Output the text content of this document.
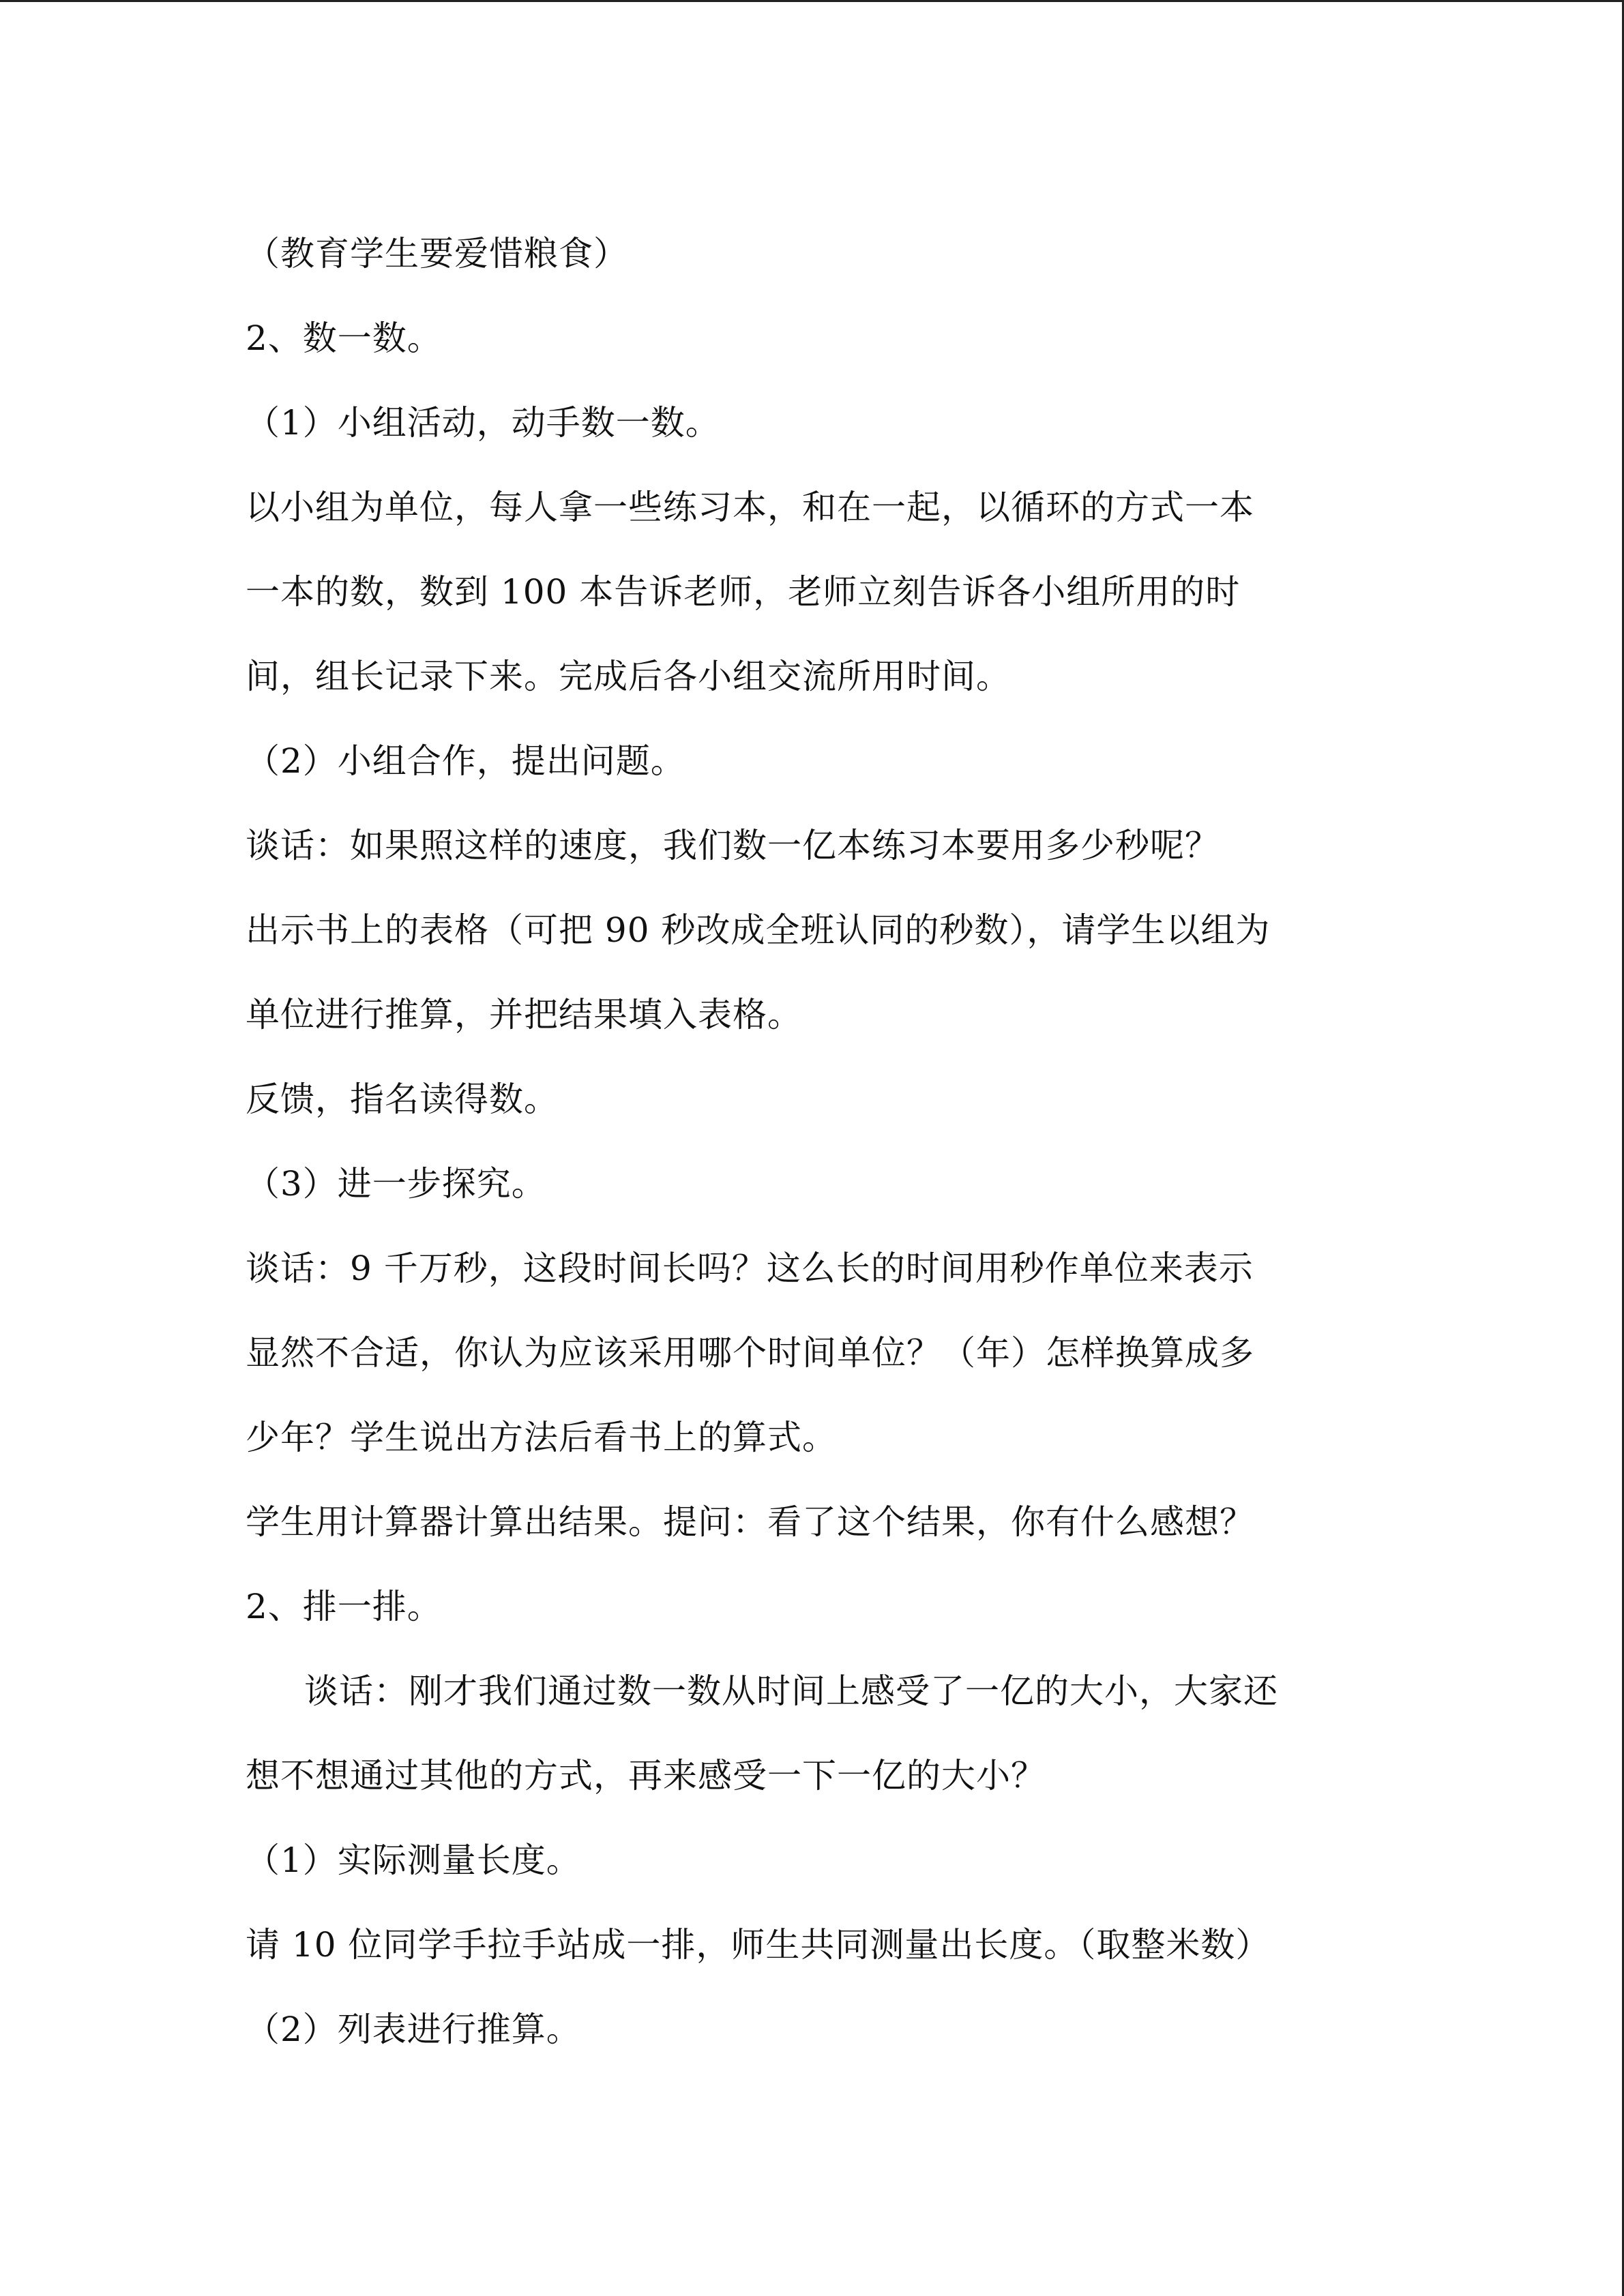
（教育学生要爱惜粮食）
2、数一数。
（1）小组活动，动手数一数。
以小组为单位，每人拿一些练习本，和在一起，以循环的方式一本
一本的数，数到 100 本告诉老师，老师立刻告诉各小组所用的时
间，组长记录下来。完成后各小组交流所用时间。
（2）小组合作，提出问题。
谈话：如果照这样的速度，我们数一亿本练习本要用多少秒呢？
出示书上的表格（可把 90 秒改成全班认同的秒数），请学生以组为
单位进行推算，并把结果填入表格。
反馈，指名读得数。
（3）进一步探究。
谈话：9 千万秒，这段时间长吗？这么长的时间用秒作单位来表示
显然不合适，你认为应该采用哪个时间单位？（年）怎样换算成多
少年？学生说出方法后看书上的算式。
学生用计算器计算出结果。提问：看了这个结果，你有什么感想？
2、排一排。
谈话：刚才我们通过数一数从时间上感受了一亿的大小，大家还
想不想通过其他的方式，再来感受一下一亿的大小？
（1）实际测量长度。
请 10 位同学手拉手站成一排，师生共同测量出长度。（取整米数）
（2）列表进行推算。
